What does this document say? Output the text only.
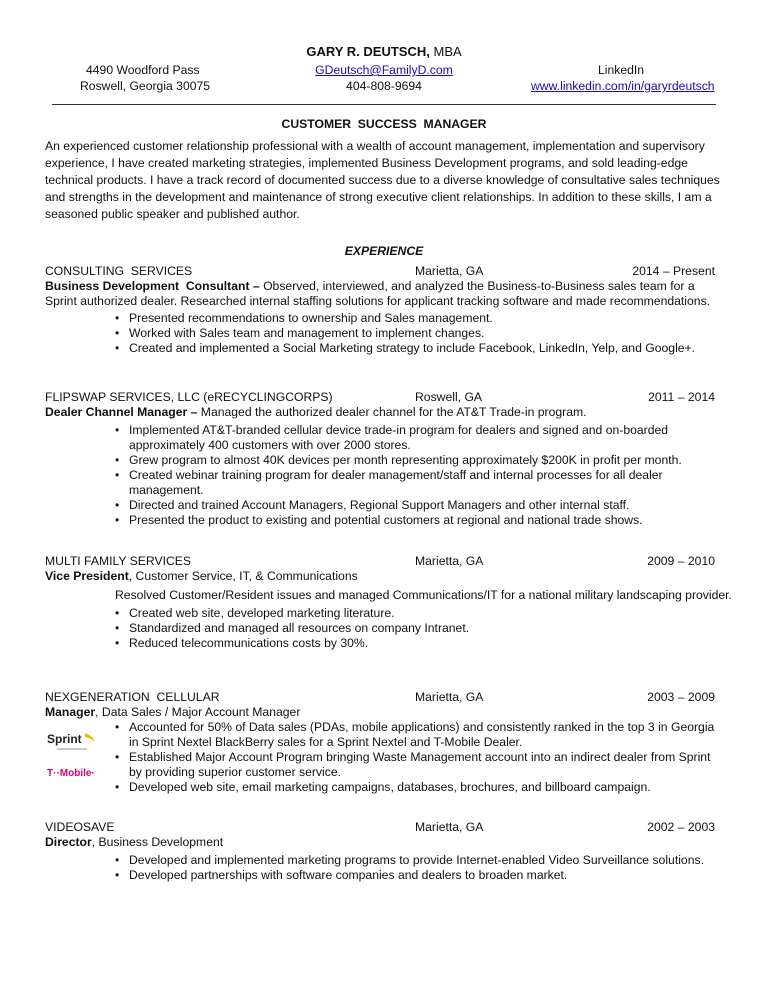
GARY R. DEUTSCH, MBA
4490 Woodford Pass
Roswell, Georgia 30075
GDeutsch@FamilyD.com
404-808-9694
LinkedIn
www.linkedin.com/in/garyrdeutsch
CUSTOMER  SUCCESS  MANAGER
An experienced customer relationship professional with a wealth of account management, implementation and supervisory experience, I have created marketing strategies, implemented Business Development programs, and sold leading-edge technical products. I have a track record of documented success due to a diverse knowledge of consultative sales techniques and strengths in the development and maintenance of strong executive client relationships. In addition to these skills, I am a seasoned public speaker and published author.
EXPERIENCE
CONSULTING  SERVICES	Marietta, GA	2014 – Present
Business Development  Consultant – Observed, interviewed, and analyzed the Business-to-Business sales team for a Sprint authorized dealer. Researched internal staffing solutions for applicant tracking software and made recommendations.
• Presented recommendations to ownership and Sales management.
• Worked with Sales team and management to implement changes.
• Created and implemented a Social Marketing strategy to include Facebook, LinkedIn, Yelp, and Google+.
FLIPSWAP SERVICES, LLC (eRECYCLINGCORPS)	Roswell, GA	2011 – 2014
Dealer Channel Manager – Managed the authorized dealer channel for the AT&T Trade-in program.
• Implemented AT&T-branded cellular device trade-in program for dealers and signed and on-boarded approximately 400 customers with over 2000 stores.
• Grew program to almost 40K devices per month representing approximately $200K in profit per month.
• Created webinar training program for dealer management/staff and internal processes for all dealer management.
• Directed and trained Account Managers, Regional Support Managers and other internal staff.
• Presented the product to existing and potential customers at regional and national trade shows.
MULTI FAMILY SERVICES	Marietta, GA	2009 – 2010
Vice President, Customer Service, IT, & Communications
Resolved Customer/Resident issues and managed Communications/IT for a national military landscaping provider.
• Created web site, developed marketing literature.
• Standardized and managed all resources on company Intranet.
• Reduced telecommunications costs by 30%.
NEXGENERATION  CELLULAR	Marietta, GA	2003 – 2009
Manager, Data Sales / Major Account Manager
• Accounted for 50% of Data sales (PDAs, mobile applications) and consistently ranked in the top 3 in Georgia in Sprint Nextel BlackBerry sales for a Sprint Nextel and T-Mobile Dealer.
• Established Major Account Program bringing Waste Management account into an indirect dealer from Sprint by providing superior customer service.
• Developed web site, email marketing campaigns, databases, brochures, and billboard campaign.
Sprint
T··Mobile·
VIDEOSAVE	Marietta, GA	2002 – 2003
Director, Business Development
• Developed and implemented marketing programs to provide Internet-enabled Video Surveillance solutions.
• Developed partnerships with software companies and dealers to broaden market.
